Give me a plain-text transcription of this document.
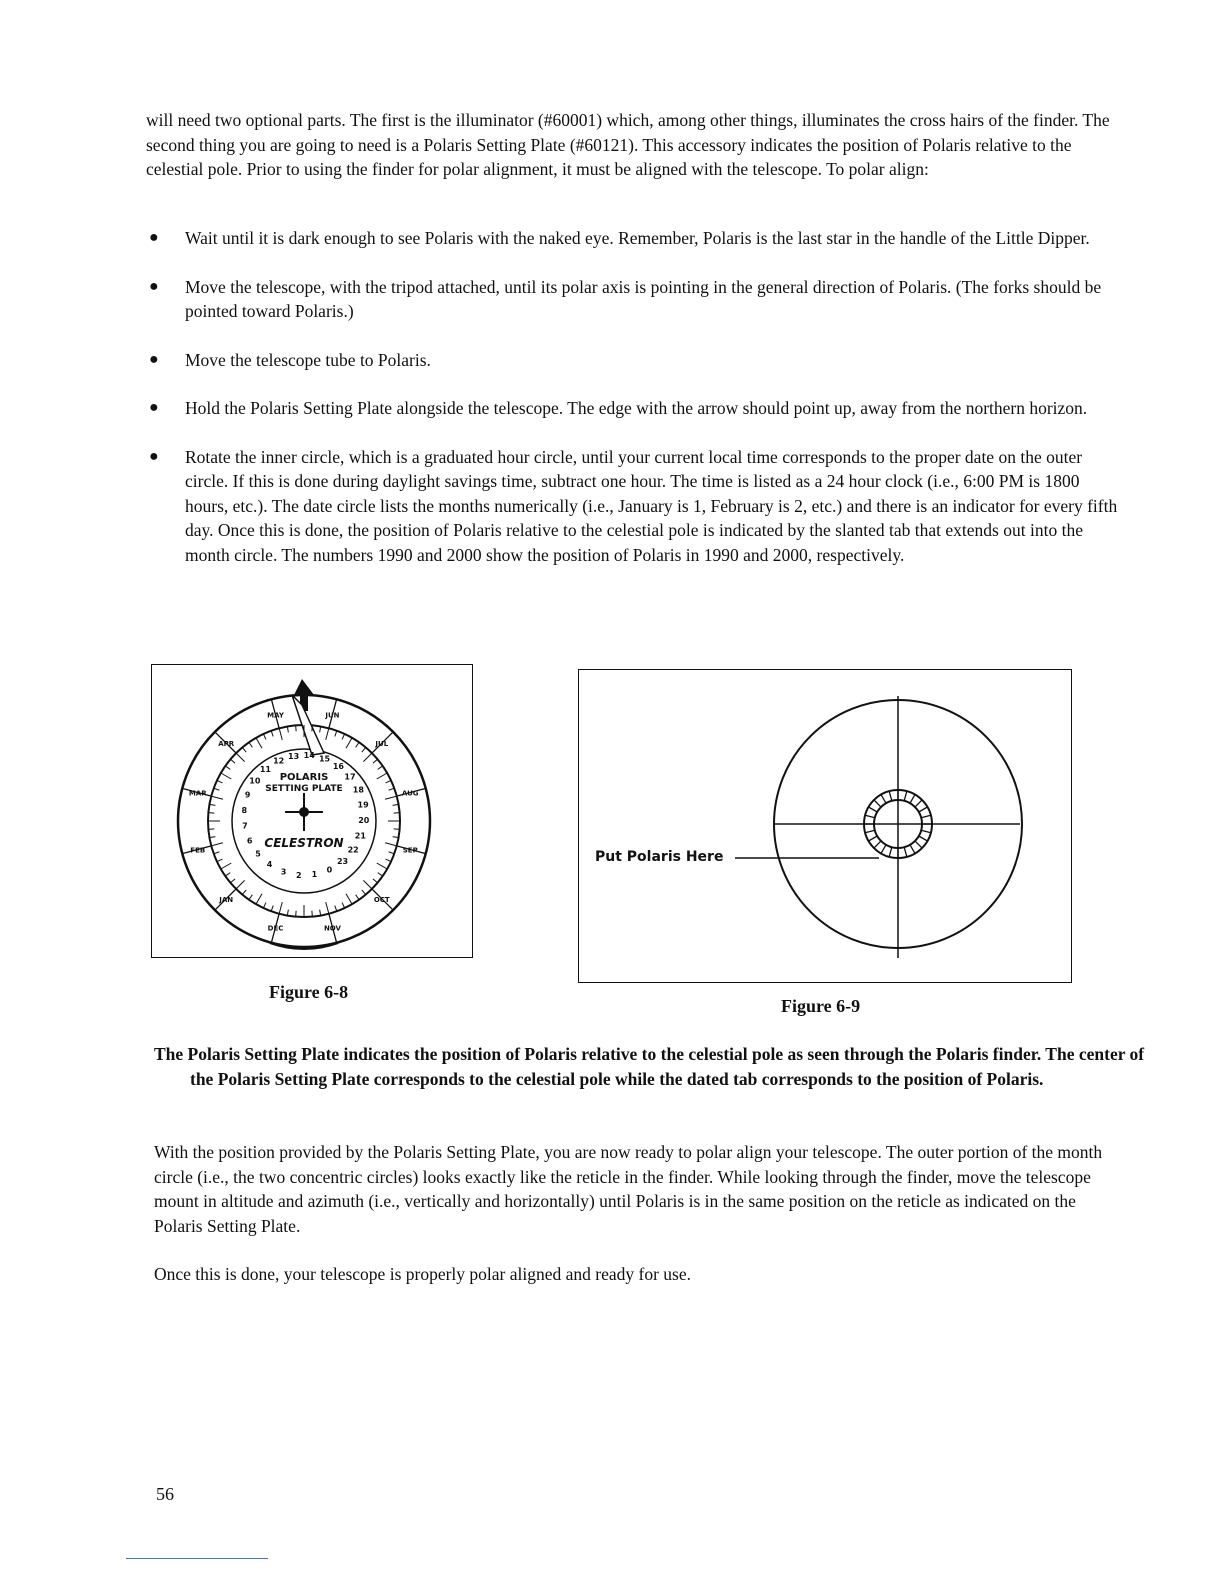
will need two optional parts. The first is the illuminator (#60001) which, among other things, illuminates the cross hairs of the finder. The second thing you are going to need is a Polaris Setting Plate (#60121). This accessory indicates the position of Polaris relative to the celestial pole. Prior to using the finder for polar alignment, it must be aligned with the telescope. To polar align:

● Wait until it is dark enough to see Polaris with the naked eye. Remember, Polaris is the last star in the handle of the Little Dipper.
● Move the telescope, with the tripod attached, until its polar axis is pointing in the general direction of Polaris. (The forks should be pointed toward Polaris.)
● Move the telescope tube to Polaris.
● Hold the Polaris Setting Plate alongside the telescope. The edge with the arrow should point up, away from the northern horizon.
● Rotate the inner circle, which is a graduated hour circle, until your current local time corresponds to the proper date on the outer circle. If this is done during daylight savings time, subtract one hour. The time is listed as a 24 hour clock (i.e., 6:00 PM is 1800 hours, etc.). The date circle lists the months numerically (i.e., January is 1, February is 2, etc.) and there is an indicator for every fifth day. Once this is done, the position of Polaris relative to the celestial pole is indicated by the slanted tab that extends out into the month circle. The numbers 1990 and 2000 show the position of Polaris in 1990 and 2000, respectively.
POLARIS
SETTING PLATE
CELESTRON
11
12
13 14 15
16
17
18
19
20
21
22
23
0
1
2
3
4
5
6
7
8
9
10
MAR
APR
MAY	JUN
JUL
AUG
SEP
OCT
NOV
DEC
JAN
FEB
Figure 6-8
Put Polaris Here
Figure 6-9

The Polaris Setting Plate indicates the position of Polaris relative to the celestial pole as seen through the Polaris finder. The center of the Polaris Setting Plate corresponds to the celestial pole while the dated tab corresponds to the position of Polaris.

With the position provided by the Polaris Setting Plate, you are now ready to polar align your telescope. The outer portion of the month circle (i.e., the two concentric circles) looks exactly like the reticle in the finder. While looking through the finder, move the telescope mount in altitude and azimuth (i.e., vertically and horizontally) until Polaris is in the same position on the reticle as indicated on the Polaris Setting Plate.

Once this is done, your telescope is properly polar aligned and ready for use.

56
